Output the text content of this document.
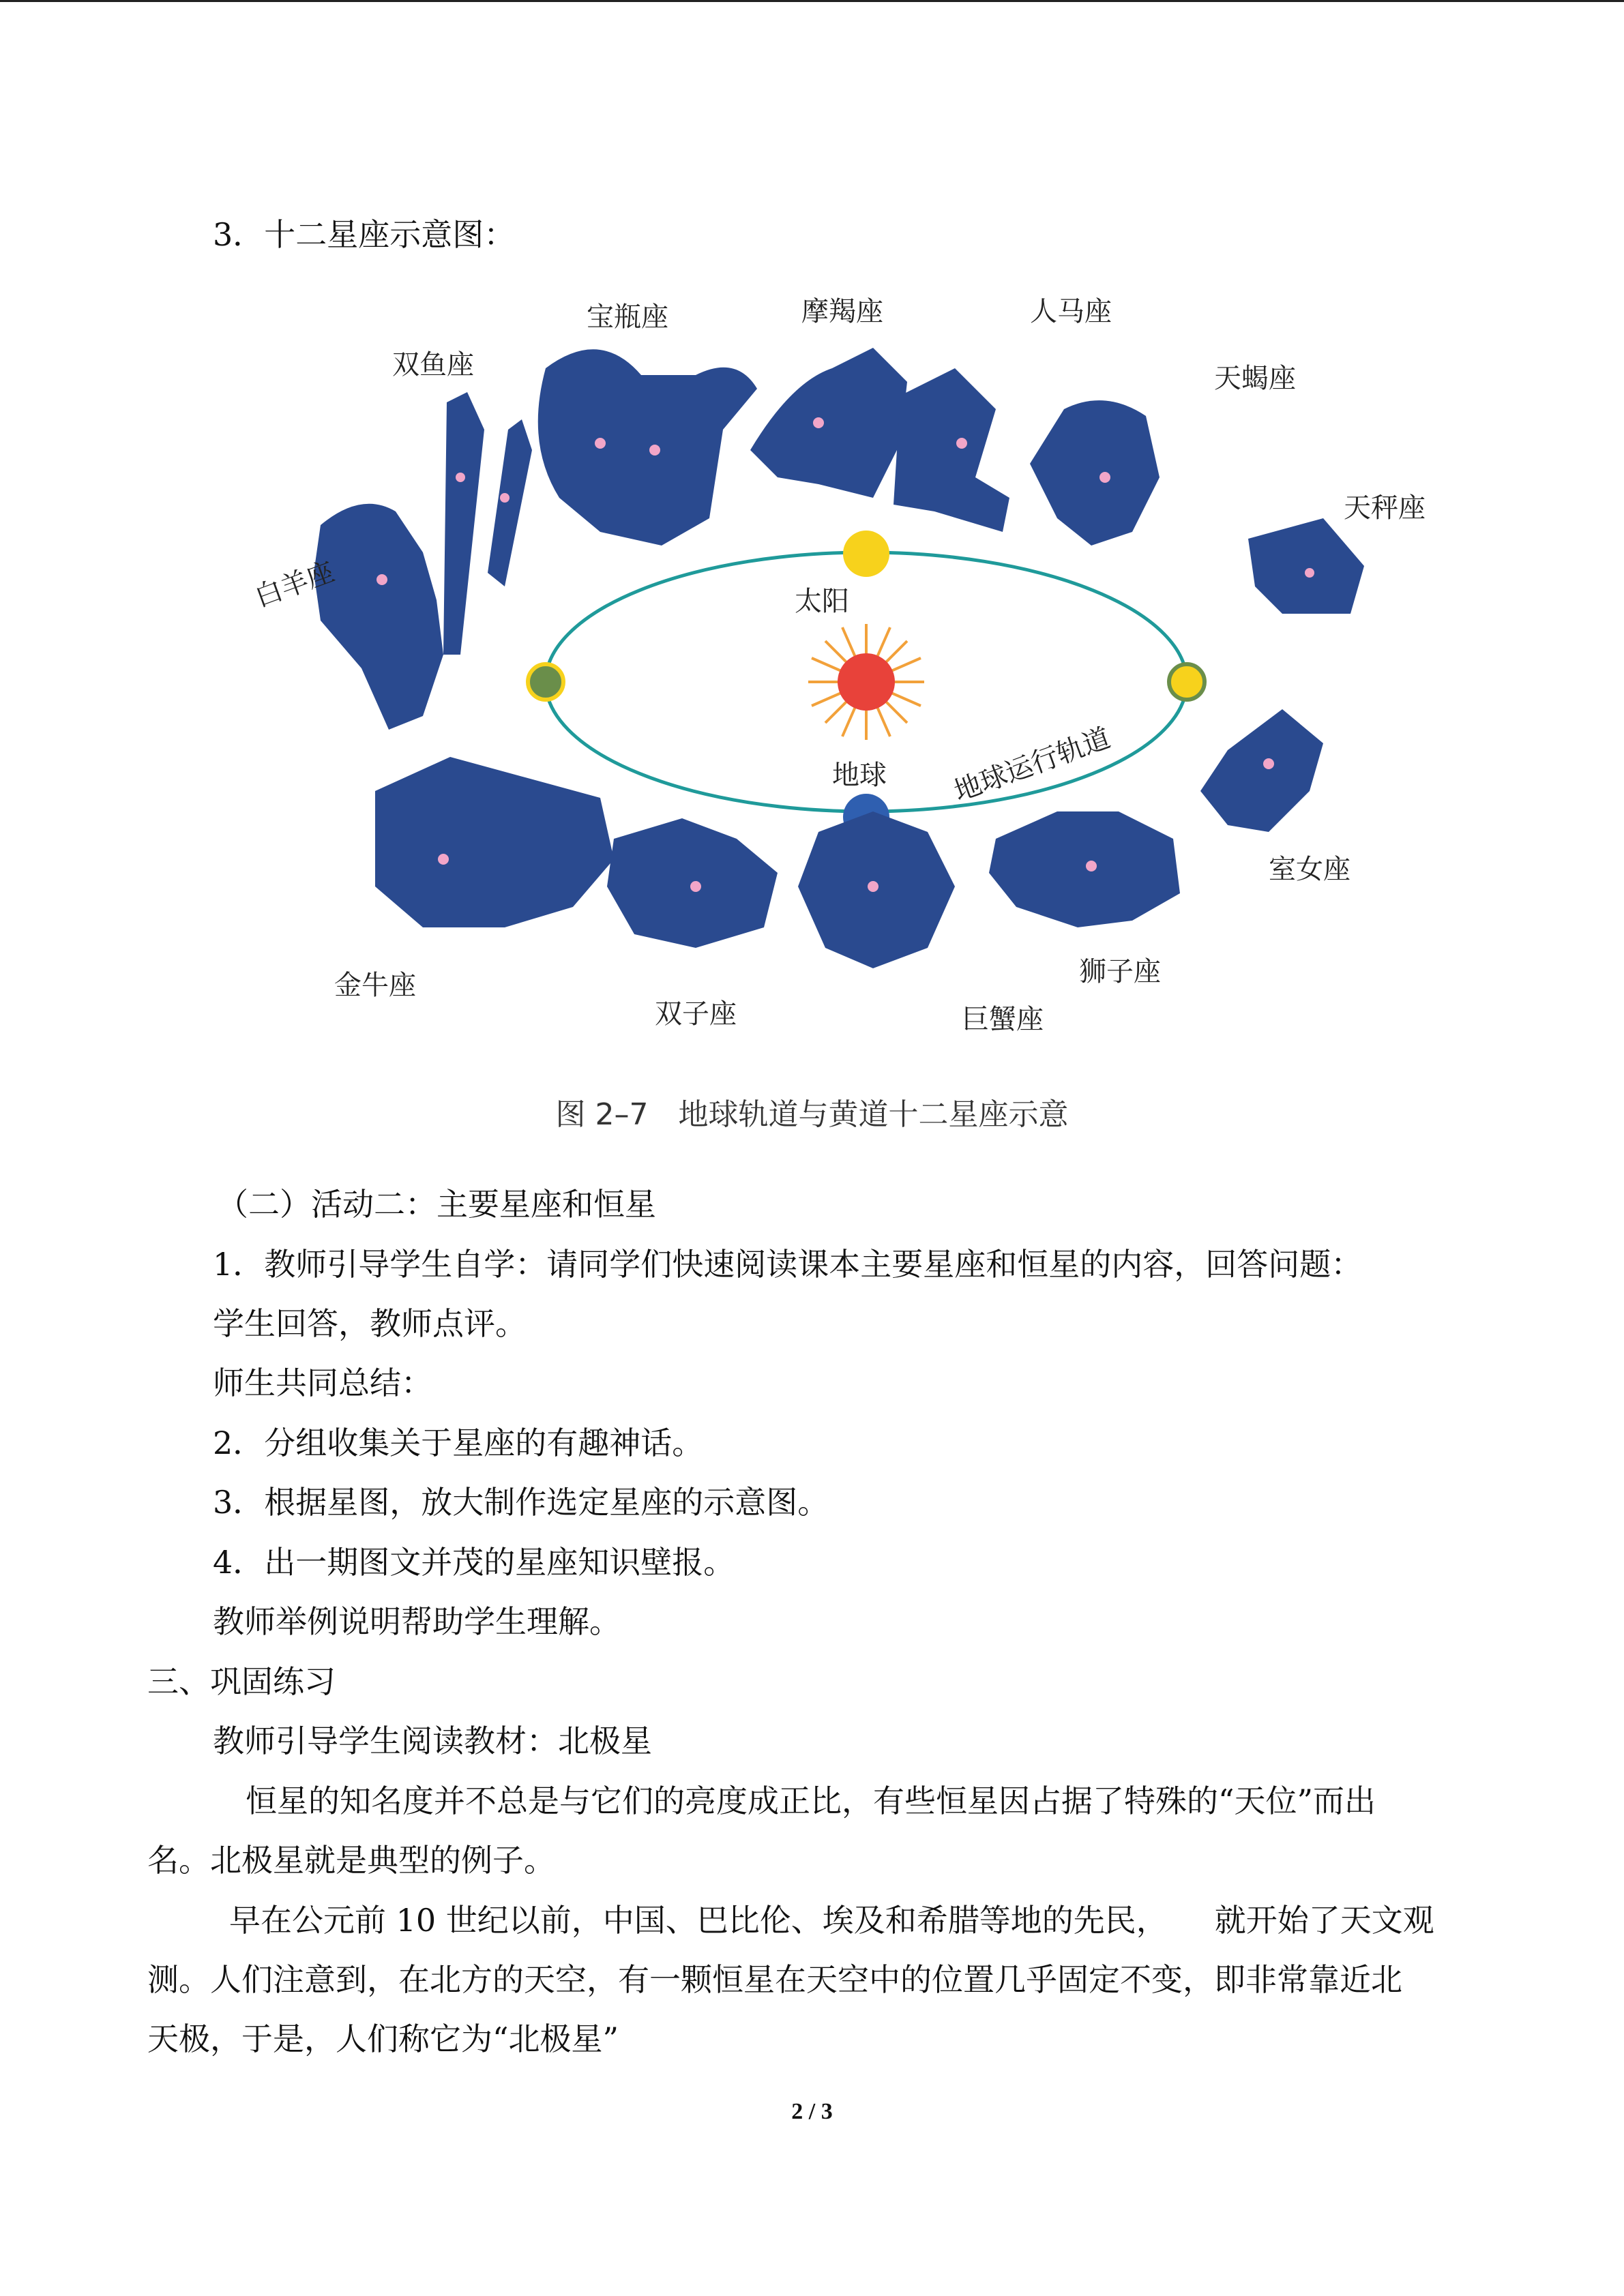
3．十二星座示意图：

双鱼座
宝瓶座	摩羯座	人马座
天蝎座
天秤座
白羊座
室女座
金牛座
双子座	巨蟹座
狮子座
太阳
地球 地球运行轨道
图 2–7　地球轨道与黄道十二星座示意

（二）活动二：主要星座和恒星

1．教师引导学生自学：请同学们快速阅读课本主要星座和恒星的内容，回答问题：

学生回答，教师点评。

师生共同总结：

2．分组收集关于星座的有趣神话。

3．根据星图，放大制作选定星座的示意图。

4．出一期图文并茂的星座知识壁报。

教师举例说明帮助学生理解。

三、巩固练习

教师引导学生阅读教材：北极星

恒星的知名度并不总是与它们的亮度成正比，有些恒星因占据了特殊的“天位”而出

名。北极星就是典型的例子。

早在公元前 10 世纪以前，中国、巴比伦、埃及和希腊等地的先民，　　就开始了天文观

测。人们注意到，在北方的天空，有一颗恒星在天空中的位置几乎固定不变，即非常靠近北

天极，于是，人们称它为“北极星”

2 / 3
